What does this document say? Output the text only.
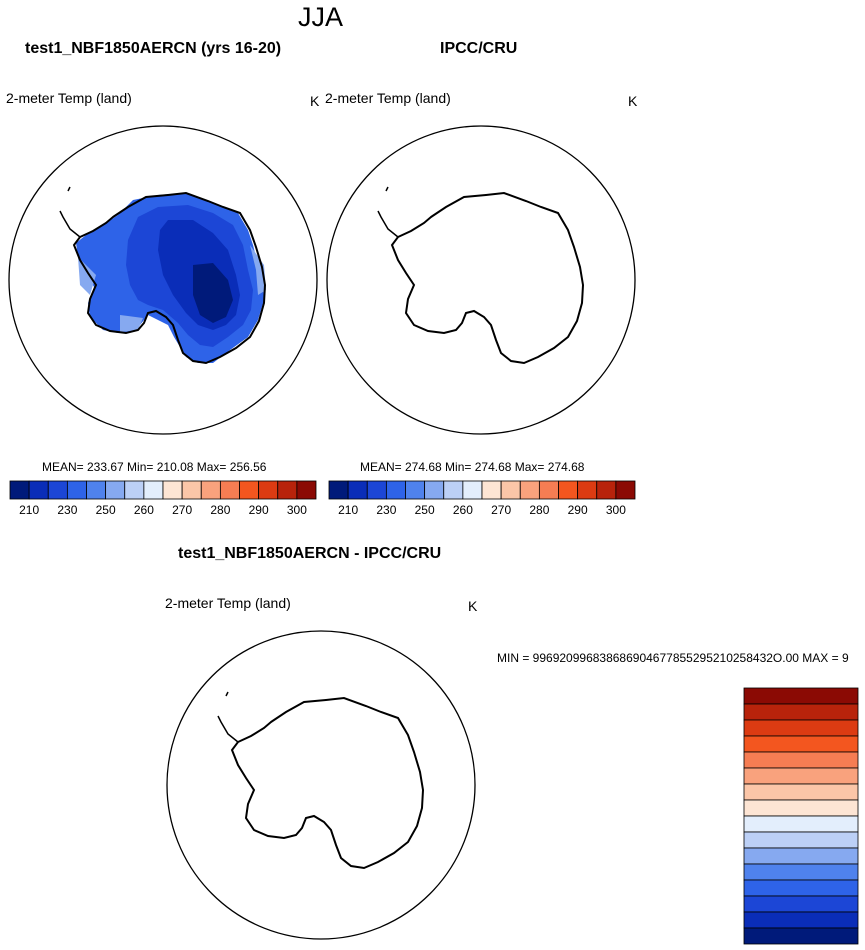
JJA
test1_NBF1850AERCN (yrs 16-20)
2-meter Temp (land)	K
MEAN= 233.67 Min= 210.08 Max= 256.56
210 230 250 260 270 280 290 300
IPCC/CRU
2-meter Temp (land)	K
MEAN= 274.68 Min= 274.68 Max= 274.68
210 230 250 260 270 280 290 300
test1_NBF1850AERCN - IPCC/CRU
2-meter Temp (land)	K
MIN = 996920996838686904677855295210258432O.00 MAX = 9
